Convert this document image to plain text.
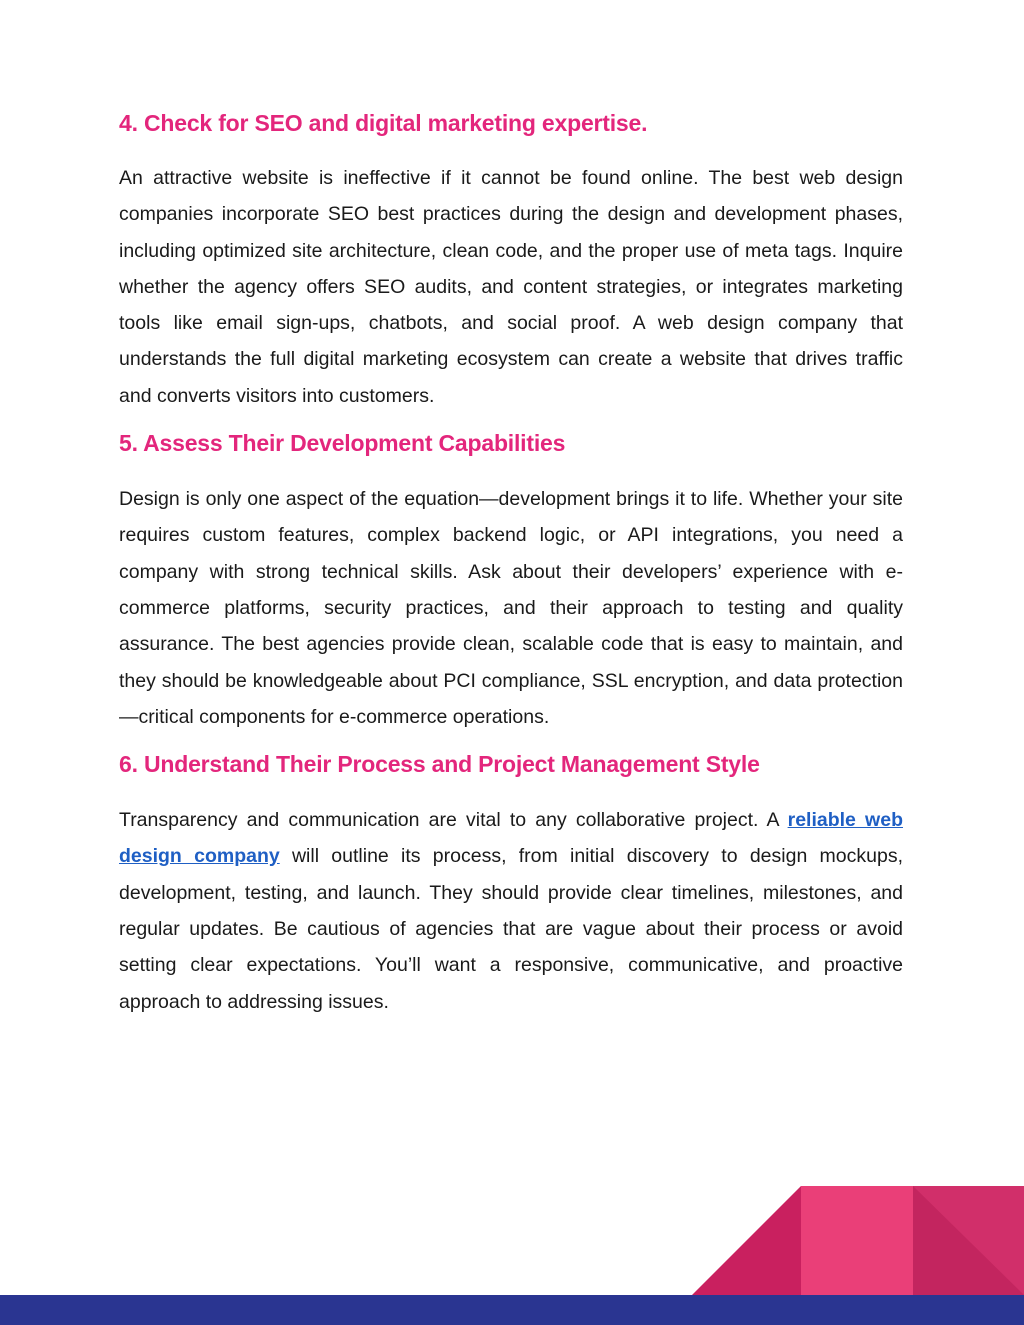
4. Check for SEO and digital marketing expertise.

An attractive website is ineffective if it cannot be found online. The best web design companies incorporate SEO best practices during the design and development phases, including optimized site architecture, clean code, and the proper use of meta tags. Inquire whether the agency offers SEO audits, and content strategies, or integrates marketing tools like email sign-ups, chatbots, and social proof. A web design company that understands the full digital marketing ecosystem can create a website that drives traffic and converts visitors into customers.

5. Assess Their Development Capabilities

Design is only one aspect of the equation—development brings it to life. Whether your site requires custom features, complex backend logic, or API integrations, you need a company with strong technical skills. Ask about their developers’ experience with e-commerce platforms, security practices, and their approach to testing and quality assurance. The best agencies provide clean, scalable code that is easy to maintain, and they should be knowledgeable about PCI compliance, SSL encryption, and data protection—critical components for e-commerce operations.

6. Understand Their Process and Project Management Style

Transparency and communication are vital to any collaborative project. A reliable web design company will outline its process, from initial discovery to design mockups, development, testing, and launch. They should provide clear timelines, milestones, and regular updates. Be cautious of agencies that are vague about their process or avoid setting clear expectations. You’ll want a responsive, communicative, and proactive approach to addressing issues.
